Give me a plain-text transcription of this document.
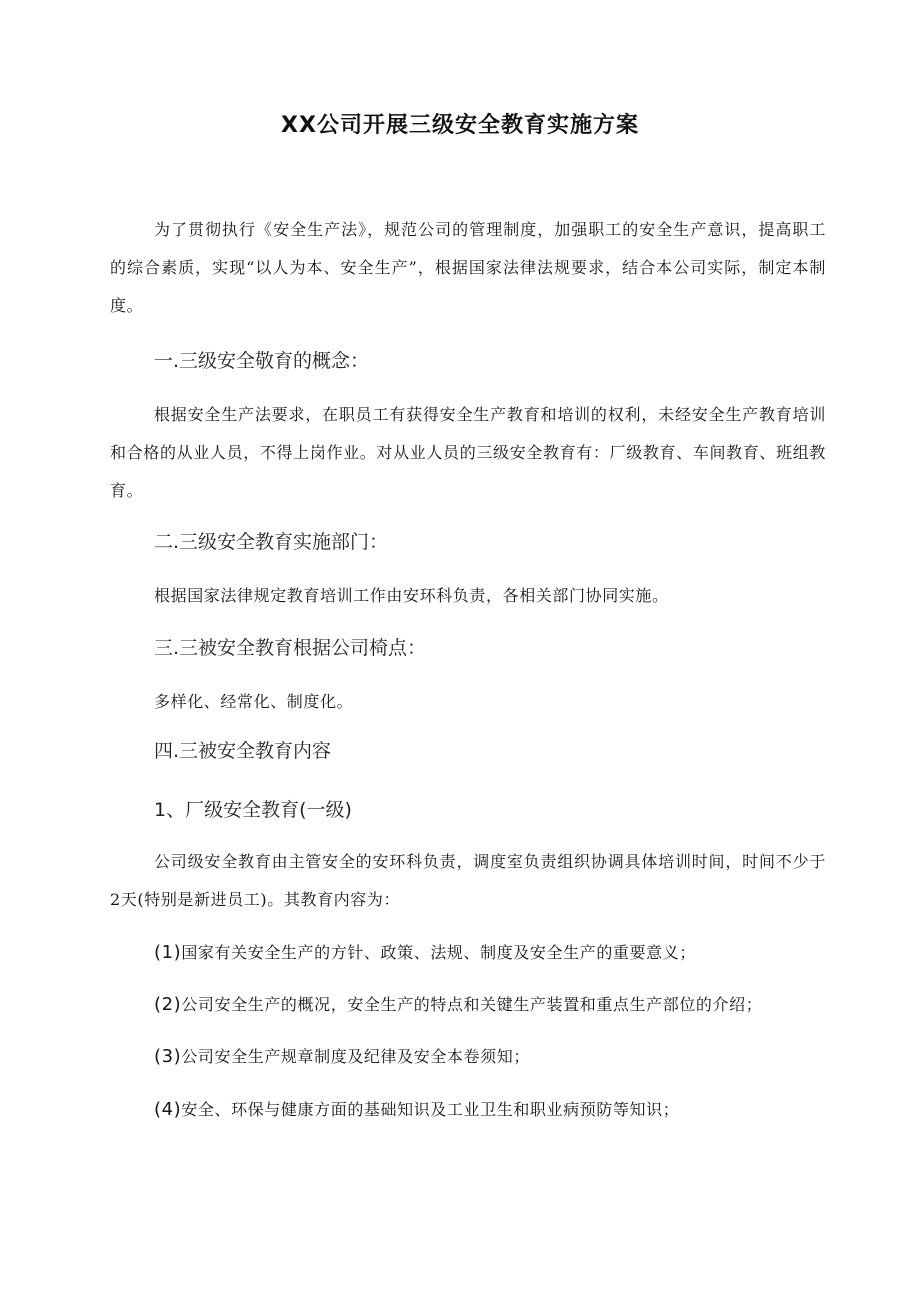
XX公司开展三级安全教育实施方案
为了贯彻执行《安全生产法》，规范公司的管理制度，加强职工的安全生产意识，提高职工的综合素质，实现“以人为本、安全生产”，根据国家法律法规要求，结合本公司实际，制定本制度。
一.三级安全敬育的概念：
根据安全生产法要求，在职员工有获得安全生产教育和培训的权利，未经安全生产教育培训和合格的从业人员，不得上岗作业。对从业人员的三级安全教育有：厂级教育、车间教育、班组教育。
二.三级安全教育实施部门：
根据国家法律规定教育培训工作由安环科负责，各相关部门协同实施。
三.三被安全教育根据公司椅点：
多样化、经常化、制度化。
四.三被安全教育内容
1、厂级安全教育(一级)
公司级安全教育由主管安全的安环科负责，调度室负责组织协调具体培训时间，时间不少于2天(特别是新进员工)。其教育内容为：
(1)国家有关安全生产的方针、政策、法规、制度及安全生产的重要意义；
(2)公司安全生产的概况，安全生产的特点和关键生产装置和重点生产部位的介绍；
(3)公司安全生产规章制度及纪律及安全本卷须知；
(4)安全、环保与健康方面的基础知识及工业卫生和职业病预防等知识；
